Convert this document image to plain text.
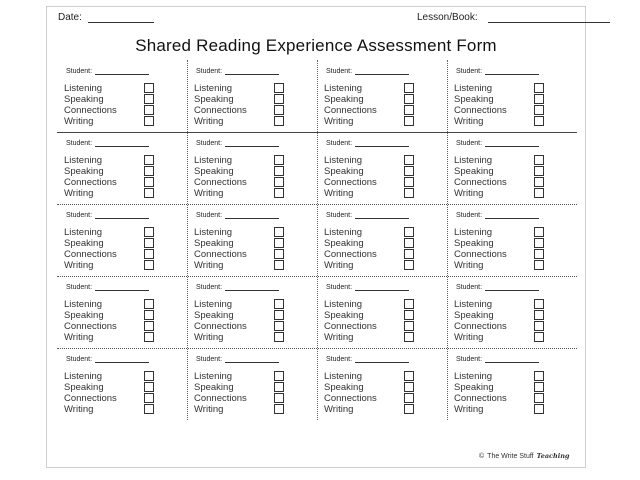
Date:	Lesson/Book:
Shared Reading Experience Assessment Form
Student:
Listening
Speaking
Connections
Writing
Student:
Listening
Speaking
Connections
Writing
Student:
Listening
Speaking
Connections
Writing
Student:
Listening
Speaking
Connections
Writing
Student:
Listening
Speaking
Connections
Writing
Student:
Listening
Speaking
Connections
Writing
Student:
Listening
Speaking
Connections
Writing
Student:
Listening
Speaking
Connections
Writing
Student:
Listening
Speaking
Connections
Writing
Student:
Listening
Speaking
Connections
Writing
Student:
Listening
Speaking
Connections
Writing
Student:
Listening
Speaking
Connections
Writing
Student:
Listening
Speaking
Connections
Writing
Student:
Listening
Speaking
Connections
Writing
Student:
Listening
Speaking
Connections
Writing
Student:
Listening
Speaking
Connections
Writing
Student:
Listening
Speaking
Connections
Writing
Student:
Listening
Speaking
Connections
Writing
Student:
Listening
Speaking
Connections
Writing
Student:
Listening
Speaking
Connections
Writing
© The Write Stuff Teaching
